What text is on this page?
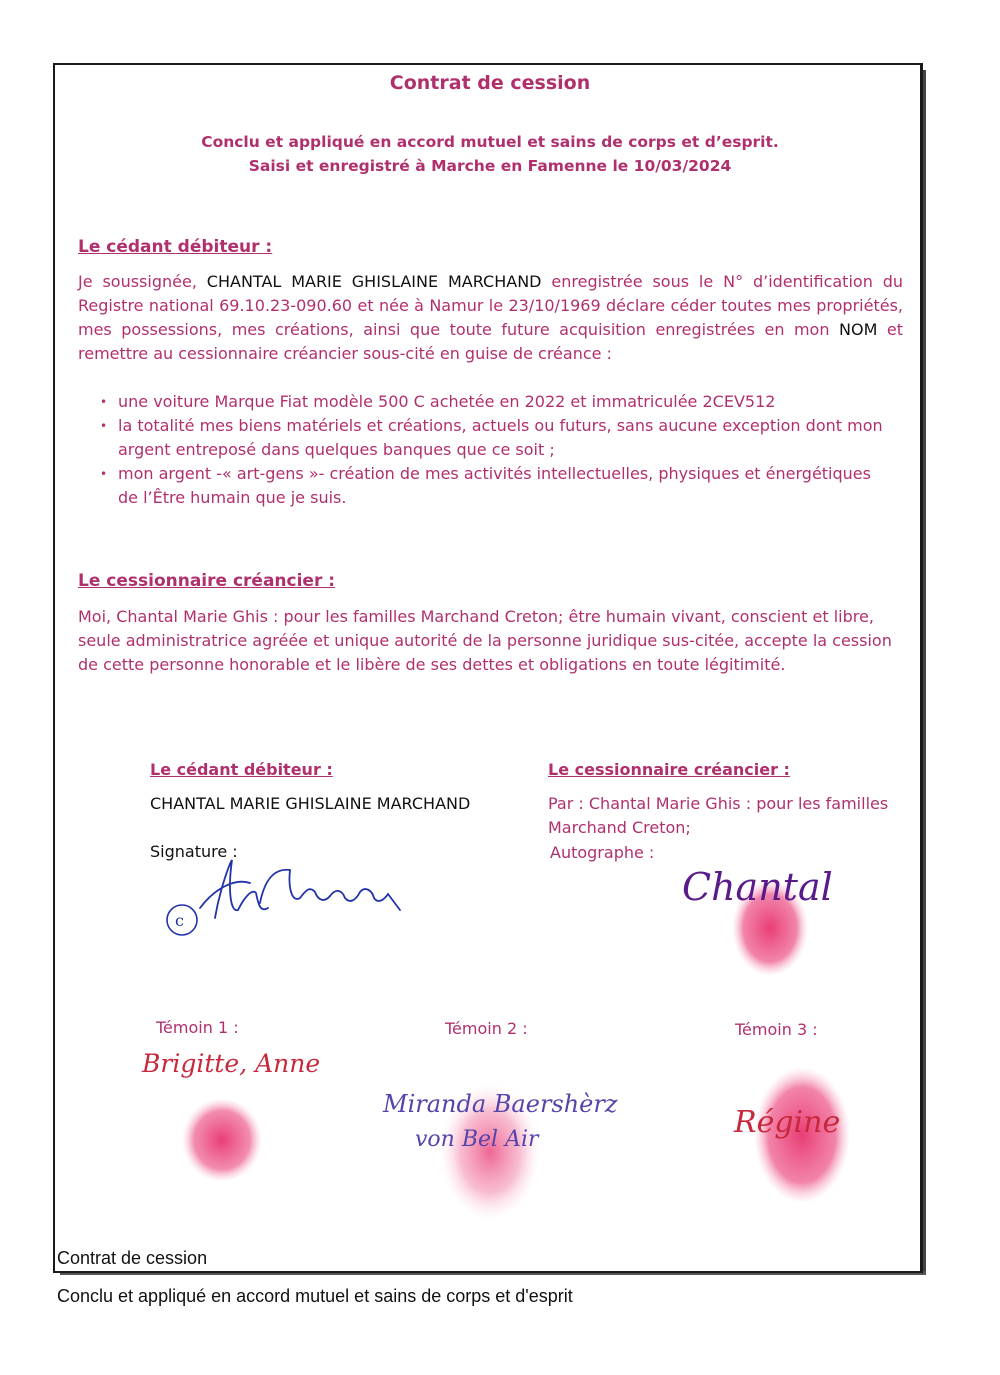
Contrat de cession
Conclu et appliqué en accord mutuel et sains de corps et d’esprit.
Saisi et enregistré à Marche en Famenne le 10/03/2024
Le cédant débiteur :
Je soussignée, CHANTAL MARIE GHISLAINE MARCHAND enregistrée sous le N° d’identification du Registre national 69.10.23-090.60 et née à Namur le 23/10/1969 déclare céder toutes mes propriétés, mes possessions, mes créations, ainsi que toute future acquisition enregistrées en mon NOM et remettre au cessionnaire créancier sous-cité en guise de créance :
• une voiture Marque Fiat modèle 500 C achetée en 2022 et immatriculée 2CEV512
• la totalité mes biens matériels et créations, actuels ou futurs, sans aucune exception dont mon argent entreposé dans quelques banques que ce soit ;
• mon argent -« art-gens »- création de mes activités intellectuelles, physiques et énergétiques de l’Être humain que je suis.
Le cessionnaire créancier :
Moi, Chantal Marie Ghis : pour les familles Marchand Creton; être humain vivant, conscient et libre, seule administratrice agréée et unique autorité de la personne juridique sus-citée, accepte la cession de cette personne honorable et le libère de ses dettes et obligations en toute légitimité.
Le cédant débiteur :
CHANTAL MARIE GHISLAINE MARCHAND
Signature :
c ©ChMarchand
Le cessionnaire créancier :
Par : Chantal Marie Ghis : pour les familles
Marchand Creton;
Autographe :
Chantal
Témoin 1 :	Témoin 2 :	Témoin 3 :
Brigitte, Anne
Miranda Baershèrz
von Bel Air	Régine
Contrat de cession
Conclu et appliqué en accord mutuel et sains de corps et d'esprit
